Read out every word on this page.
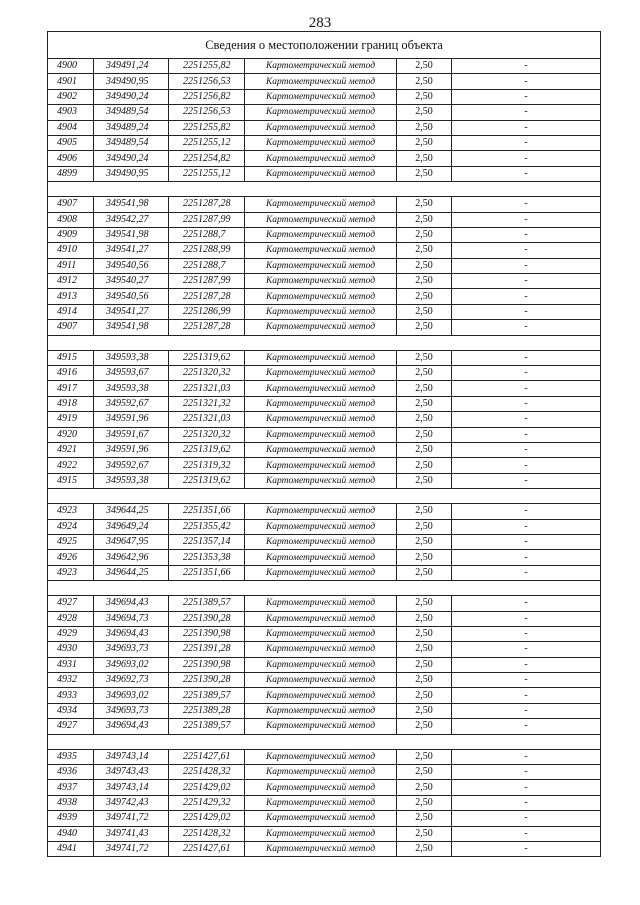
283
Сведения о местоположении границ объекта					
4900	349491,24	2251255,82	Картометрический метод	2,50	-
4901	349490,95	2251256,53	Картометрический метод	2,50	-
4902	349490,24	2251256,82	Картометрический метод	2,50	-
4903	349489,54	2251256,53	Картометрический метод	2,50	-
4904	349489,24	2251255,82	Картометрический метод	2,50	-
4905	349489,54	2251255,12	Картометрический метод	2,50	-
4906	349490,24	2251254,82	Картометрический метод	2,50	-
4899	349490,95	2251255,12	Картометрический метод	2,50	-

4907	349541,98	2251287,28	Картометрический метод	2,50	-
4908	349542,27	2251287,99	Картометрический метод	2,50	-
4909	349541,98	2251288,7	Картометрический метод	2,50	-
4910	349541,27	2251288,99	Картометрический метод	2,50	-
4911	349540,56	2251288,7	Картометрический метод	2,50	-
4912	349540,27	2251287,99	Картометрический метод	2,50	-
4913	349540,56	2251287,28	Картометрический метод	2,50	-
4914	349541,27	2251286,99	Картометрический метод	2,50	-
4907	349541,98	2251287,28	Картометрический метод	2,50	-

4915	349593,38	2251319,62	Картометрический метод	2,50	-
4916	349593,67	2251320,32	Картометрический метод	2,50	-
4917	349593,38	2251321,03	Картометрический метод	2,50	-
4918	349592,67	2251321,32	Картометрический метод	2,50	-
4919	349591,96	2251321,03	Картометрический метод	2,50	-
4920	349591,67	2251320,32	Картометрический метод	2,50	-
4921	349591,96	2251319,62	Картометрический метод	2,50	-
4922	349592,67	2251319,32	Картометрический метод	2,50	-
4915	349593,38	2251319,62	Картометрический метод	2,50	-

4923	349644,25	2251351,66	Картометрический метод	2,50	-
4924	349649,24	2251355,42	Картометрический метод	2,50	-
4925	349647,95	2251357,14	Картометрический метод	2,50	-
4926	349642,96	2251353,38	Картометрический метод	2,50	-
4923	349644,25	2251351,66	Картометрический метод	2,50	-

4927	349694,43	2251389,57	Картометрический метод	2,50	-
4928	349694,73	2251390,28	Картометрический метод	2,50	-
4929	349694,43	2251390,98	Картометрический метод	2,50	-
4930	349693,73	2251391,28	Картометрический метод	2,50	-
4931	349693,02	2251390,98	Картометрический метод	2,50	-
4932	349692,73	2251390,28	Картометрический метод	2,50	-
4933	349693,02	2251389,57	Картометрический метод	2,50	-
4934	349693,73	2251389,28	Картометрический метод	2,50	-
4927	349694,43	2251389,57	Картометрический метод	2,50	-

4935	349743,14	2251427,61	Картометрический метод	2,50	-
4936	349743,43	2251428,32	Картометрический метод	2,50	-
4937	349743,14	2251429,02	Картометрический метод	2,50	-
4938	349742,43	2251429,32	Картометрический метод	2,50	-
4939	349741,72	2251429,02	Картометрический метод	2,50	-
4940	349741,43	2251428,32	Картометрический метод	2,50	-
4941	349741,72	2251427,61	Картометрический метод	2,50	-
